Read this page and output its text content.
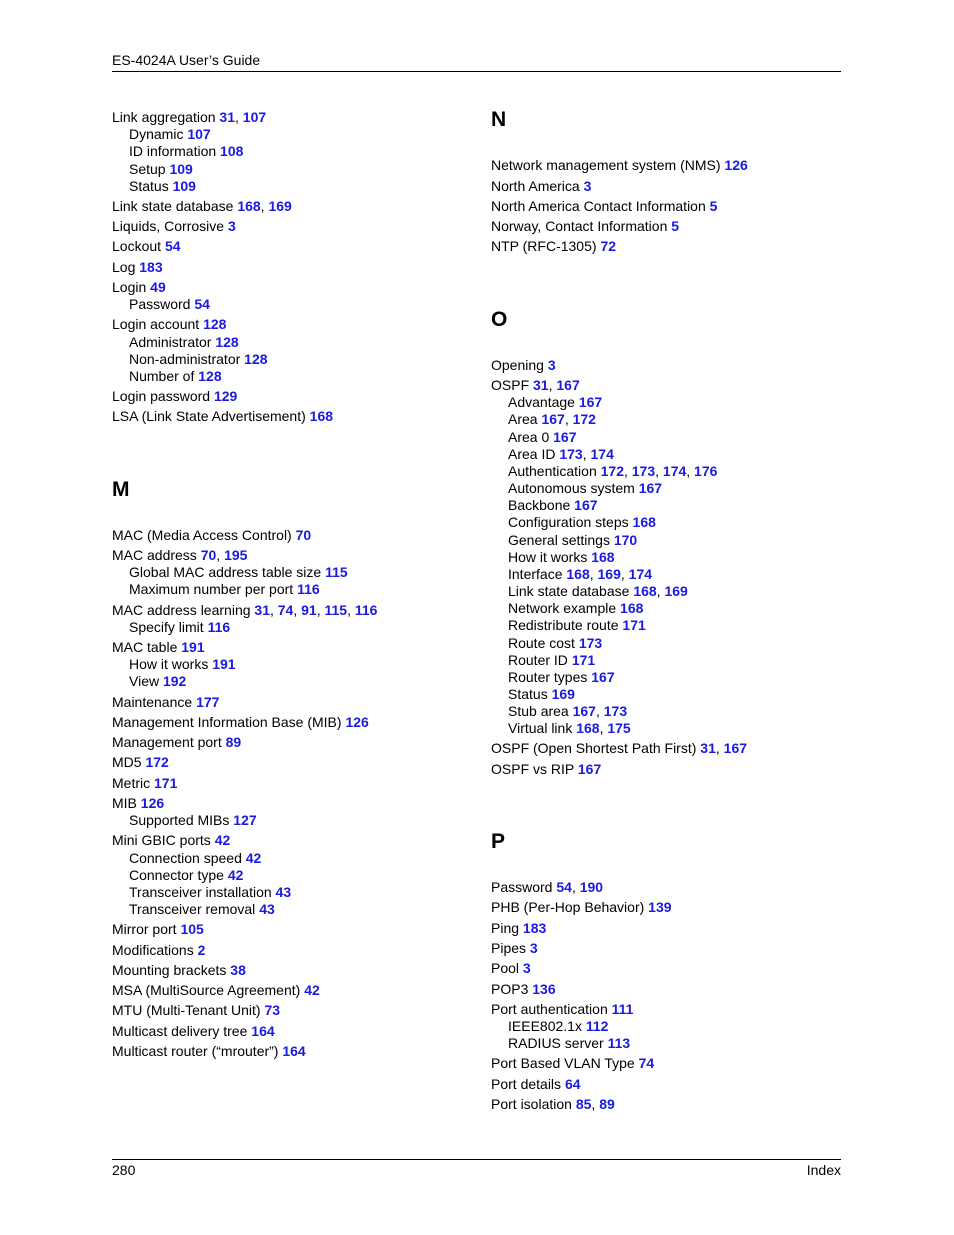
ES-4024A User’s Guide
Link aggregation 31, 107
Dynamic 107
ID information 108
Setup 109
Status 109
Link state database 168, 169
Liquids, Corrosive 3
Lockout 54
Log 183
Login 49
Password 54
Login account 128
Administrator 128
Non-administrator 128
Number of 128
Login password 129
LSA (Link State Advertisement) 168
M
MAC (Media Access Control) 70
MAC address 70, 195
Global MAC address table size 115
Maximum number per port 116
MAC address learning 31, 74, 91, 115, 116
Specify limit 116
MAC table 191
How it works 191
View 192
Maintenance 177
Management Information Base (MIB) 126
Management port 89
MD5 172
Metric 171
MIB 126
Supported MIBs 127
Mini GBIC ports 42
Connection speed 42
Connector type 42
Transceiver installation 43
Transceiver removal 43
Mirror port 105
Modifications 2
Mounting brackets 38
MSA (MultiSource Agreement) 42
MTU (Multi-Tenant Unit) 73
Multicast delivery tree 164
Multicast router (“mrouter”) 164
N
Network management system (NMS) 126
North America 3
North America Contact Information 5
Norway, Contact Information 5
NTP (RFC-1305) 72
O
Opening 3
OSPF 31, 167
Advantage 167
Area 167, 172
Area 0 167
Area ID 173, 174
Authentication 172, 173, 174, 176
Autonomous system 167
Backbone 167
Configuration steps 168
General settings 170
How it works 168
Interface 168, 169, 174
Link state database 168, 169
Network example 168
Redistribute route 171
Route cost 173
Router ID 171
Router types 167
Status 169
Stub area 167, 173
Virtual link 168, 175
OSPF (Open Shortest Path First) 31, 167
OSPF vs RIP 167
P
Password 54, 190
PHB (Per-Hop Behavior) 139
Ping 183
Pipes 3
Pool 3
POP3 136
Port authentication 111
IEEE802.1x 112
RADIUS server 113
Port Based VLAN Type 74
Port details 64
Port isolation 85, 89
280	Index
